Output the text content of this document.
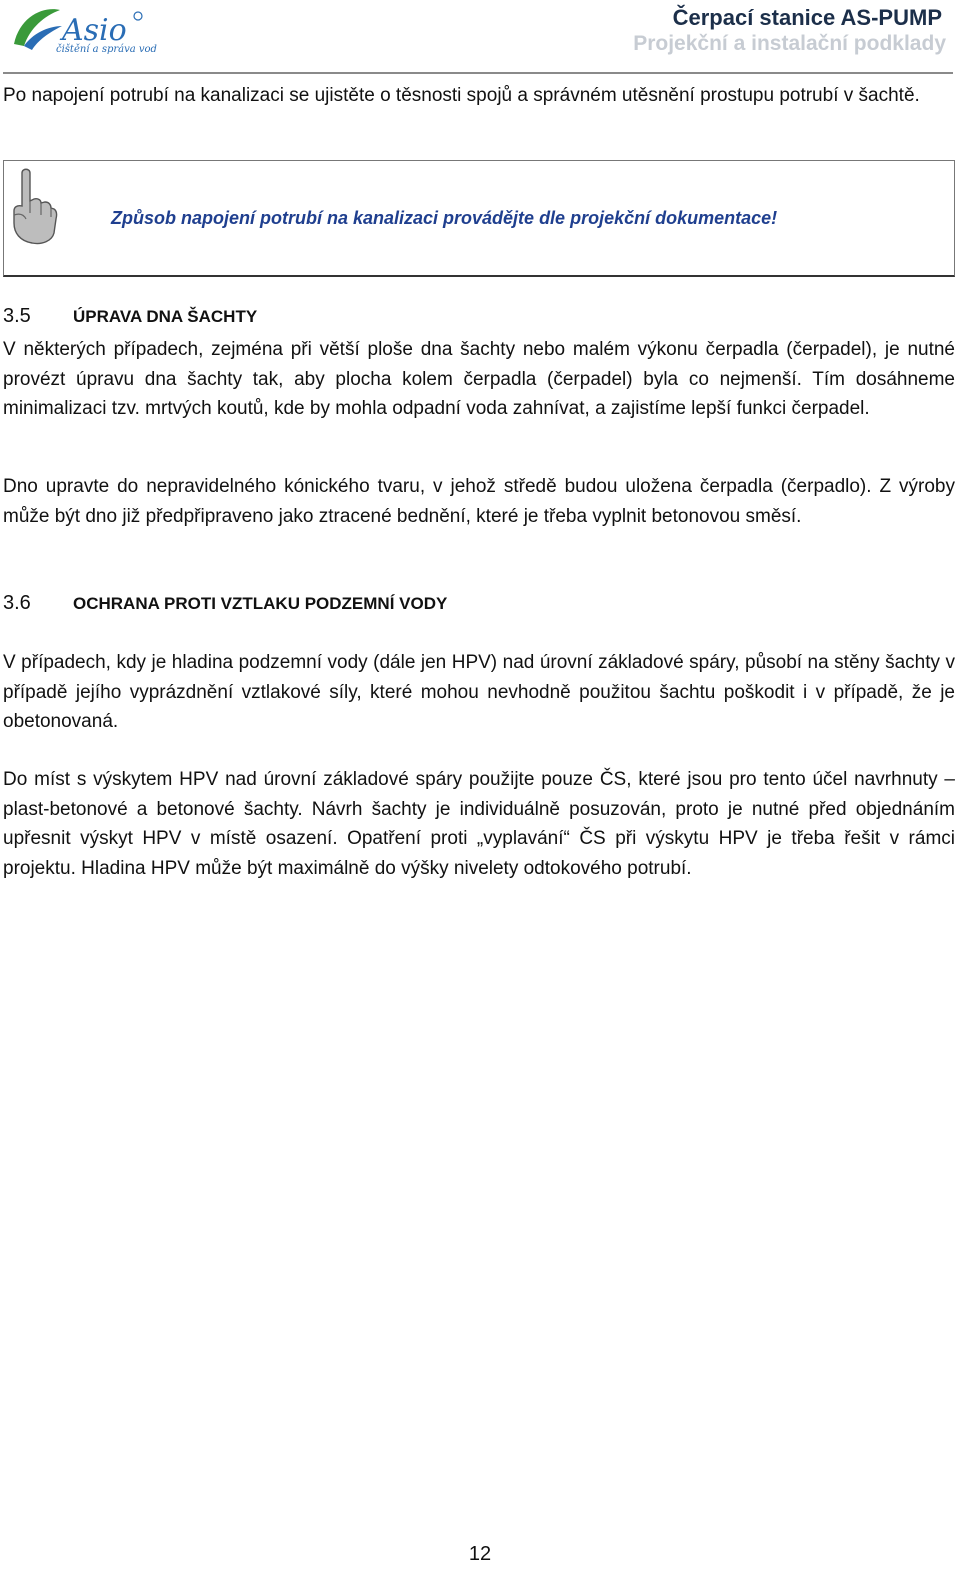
Asio
čištění a správa vod
Čerpací stanice AS-PUMP
Projekční a instalační podklady

Po napojení potrubí na kanalizaci se ujistěte o těsnosti spojů a správném utěsnění prostupu potrubí v šachtě.

Způsob napojení potrubí na kanalizaci provádějte dle projekční dokumentace!
3.5 ÚPRAVA DNA ŠACHTY

V některých případech, zejména při větší ploše dna šachty nebo malém výkonu čerpadla (čerpadel), je nutné provézt úpravu dna šachty tak, aby plocha kolem čerpadla (čerpadel) byla co nejmenší. Tím dosáhneme minimalizaci tzv. mrtvých koutů, kde by mohla odpadní voda zahnívat, a zajistíme lepší funkci čerpadel.

Dno upravte do nepravidelného kónického tvaru, v jehož středě budou uložena čerpadla (čerpadlo). Z výroby může být dno již předpřipraveno jako ztracené bednění, které je třeba vyplnit betonovou směsí.

3.6 OCHRANA PROTI VZTLAKU PODZEMNÍ VODY

V případech, kdy je hladina podzemní vody (dále jen HPV) nad úrovní základové spáry, působí na stěny šachty v případě jejího vyprázdnění vztlakové síly, které mohou nevhodně použitou šachtu poškodit i v případě, že je obetonovaná.

Do míst s výskytem HPV nad úrovní základové spáry použijte pouze ČS, které jsou pro tento účel navrhnuty – plast-betonové a betonové šachty. Návrh šachty je individuálně posuzován, proto je nutné před objednáním upřesnit výskyt HPV v místě osazení. Opatření proti „vyplavání“ ČS při výskytu HPV je třeba řešit v rámci projektu. Hladina HPV může být maximálně do výšky nivelety odtokového potrubí.

12
